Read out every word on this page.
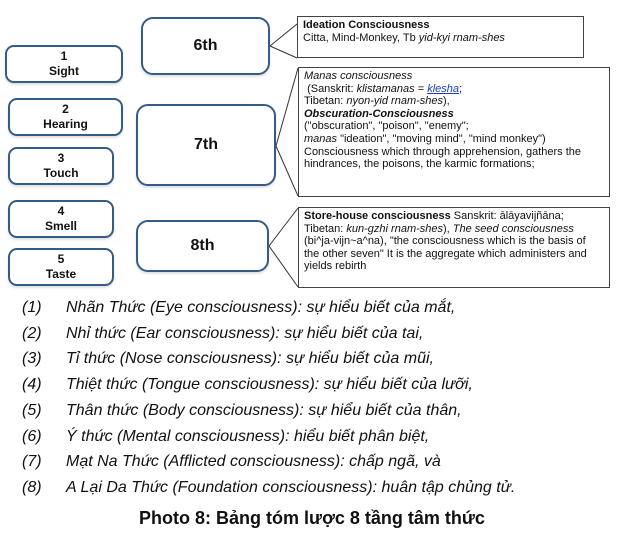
1
Sight
2
Hearing
3
Touch
4
Smell
5
Taste
6th
7th
8th
Ideation Consciousness
Citta, Mind-Monkey, Tb yid-kyi rnam-shes
Manas consciousness
(Sanskrit: klistamanas = klesha;
Tibetan: nyon-yid rnam-shes),
Obscuration-Consciousness
("obscuration", "poison", "enemy";
manas "ideation", "moving mind", "mind monkey")
Consciousness which through apprehension, gathers the hindrances, the poisons, the karmic formations;
Store-house consciousness Sanskrit: ālāyavijñāna; Tibetan: kun-gzhi rnam-shes), The seed consciousness (bi^ja-vijn~a^na), "the consciousness which is the basis of the other seven" It is the aggregate which administers and yields rebirth
(1)	Nhãn Thức (Eye consciousness): sự hiểu biết của mắt,
(2)	Nhỉ thức (Ear consciousness): sự hiểu biết của tai,
(3)	Tỉ thức (Nose consciousness): sự hiểu biết của mũi,
(4)	Thiệt thức (Tongue consciousness): sự hiểu biết của lưỡi,
(5)	Thân thức (Body consciousness): sự hiểu biết của thân,
(6)	Ý thức (Mental consciousness): hiểu biết phân biệt,
(7)	Mạt Na Thức (Afflicted consciousness): chấp ngã, và
(8)	A Lại Da Thức (Foundation consciousness): huân tập chủng tử.
Photo 8: Bảng tóm lược 8 tầng tâm thức
